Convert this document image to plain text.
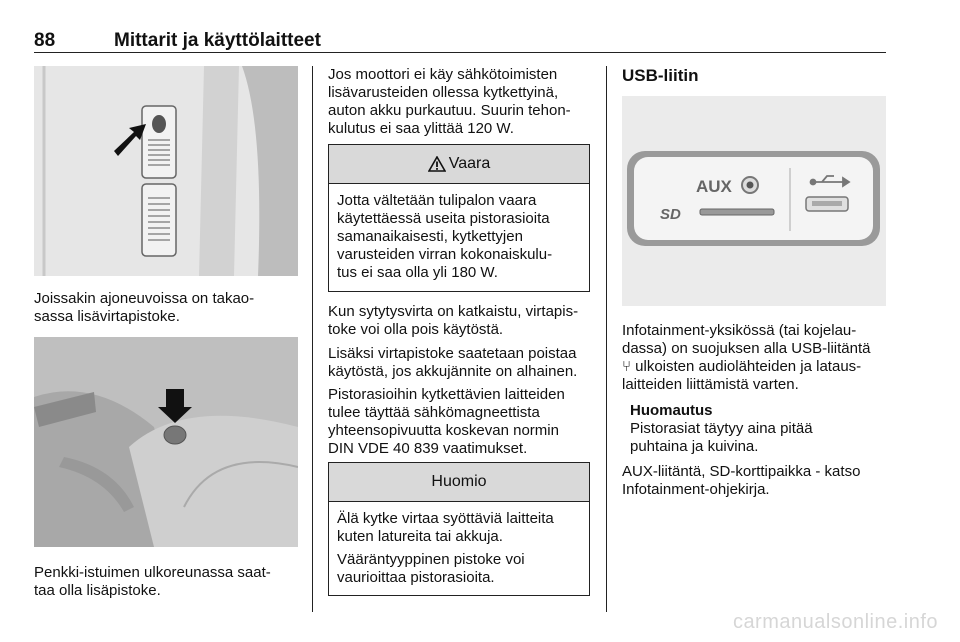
88	Mittarit ja käyttölaitteet

Joissakin ajoneuvoissa on takao-

sassa lisävirtapistoke.

Penkki-istuimen ulkoreunassa saat-

taa olla lisäpistoke.

Jos moottori ei käy sähkötoimisten

lisävarusteiden ollessa kytkettyinä,

auton akku purkautuu. Suurin tehon-

kulutus ei saa ylittää 120 W.

Vaara

Jotta vältetään tulipalon vaara

käytettäessä useita pistorasioita

samanaikaisesti, kytkettyjen

varusteiden virran kokonaiskulu-

tus ei saa olla yli 180 W.

Kun sytytysvirta on katkaistu, virtapis-

toke voi olla pois käytöstä.

Lisäksi virtapistoke saatetaan poistaa

käytöstä, jos akkujännite on alhainen.

Pistorasioihin kytkettävien laitteiden

tulee täyttää sähkömagneettista

yhteensopivuutta koskevan normin

DIN VDE 40 839 vaatimukset.

Huomio

Älä kytke virtaa syöttäviä laitteita

kuten latureita tai akkuja.

Vääräntyyppinen pistoke voi

vaurioittaa pistorasioita.

USB-liitin

AUX
SD

Infotainment-yksikössä (tai kojelau-

dassa) on suojuksen alla USB-liitäntä

⑂ ulkoisten audiolähteiden ja lataus-

laitteiden liittämistä varten.

Huomautus

Pistorasiat täytyy aina pitää

puhtaina ja kuivina.

AUX-liitäntä, SD-korttipaikka - katso

Infotainment-ohjekirja.

carmanualsonline.info
